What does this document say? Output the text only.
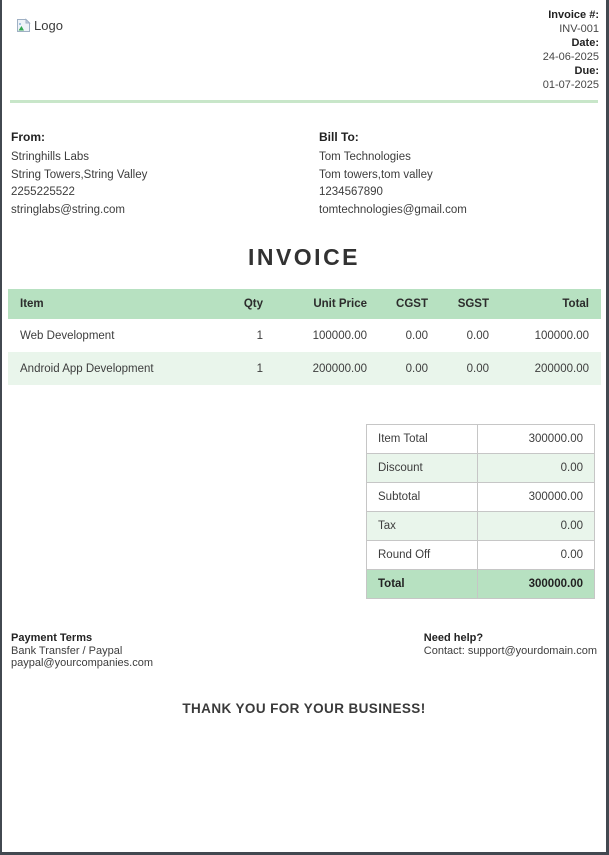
Logo
Invoice #:
INV-001
Date:
24-06-2025
Due:
01-07-2025
From:
Stringhills Labs
String Towers,String Valley
2255225522
stringlabs@string.com
Bill To:
Tom Technologies
Tom towers,tom valley
1234567890
tomtechnologies@gmail.com
INVOICE
Item	Qty	Unit Price	CGST	SGST	Total
Web Development	1	100000.00	0.00	0.00	100000.00
Android App Development	1	200000.00	0.00	0.00	200000.00
Item Total	300000.00
Discount	0.00
Subtotal	300000.00
Tax	0.00
Round Off	0.00
Total	300000.00
Payment Terms
Bank Transfer / Paypal
paypal@yourcompanies.com
Need help?
Contact: support@yourdomain.com
THANK YOU FOR YOUR BUSINESS!
